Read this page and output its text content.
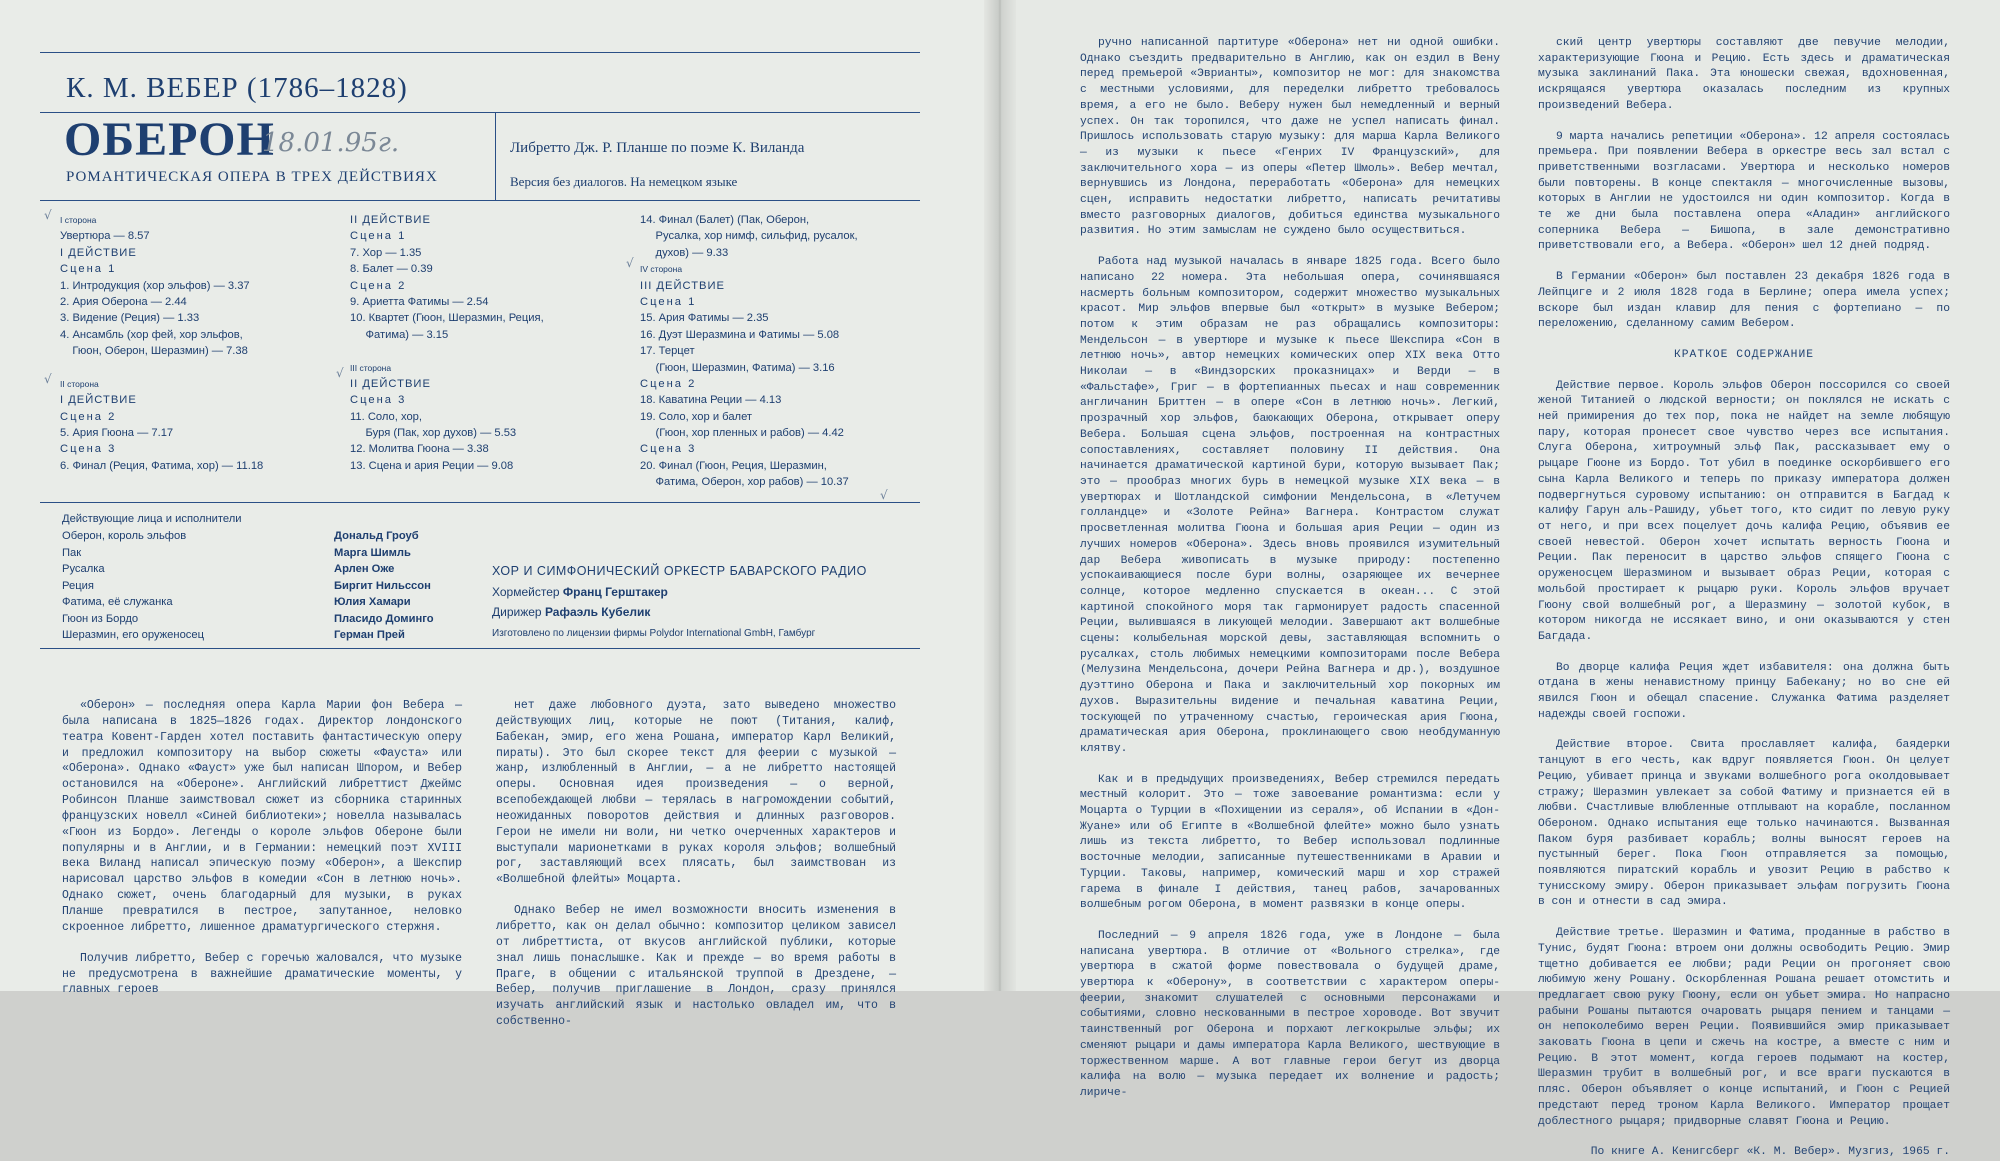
К. М. ВЕБЕР (1786–1828)
ОБЕРОН
18.01.95г.
РОМАНТИЧЕСКАЯ ОПЕРА В ТРЕХ ДЕЙСТВИЯХ
Либретто Дж. Р. Планше по поэме К. Виланда
Версия без диалогов. На немецком языке
I сторона
Увертюра — 8.57
I ДЕЙСТВИЕ
Сцена 1
1. Интродукция (хор эльфов) — 3.37
2. Ария Оберона — 2.44
3. Видение (Реция) — 1.33
4. Ансамбль (хор фей, хор эльфов,
Гюон, Оберон, Шеразмин) — 7.38
II сторона
I ДЕЙСТВИЕ
Сцена 2
5. Ария Гюона — 7.17
Сцена 3
6. Финал (Реция, Фатима, хор) — 11.18
II ДЕЙСТВИЕ
Сцена 1
7. Хор — 1.35
8. Балет — 0.39
Сцена 2
9. Ариетта Фатимы — 2.54
10. Квартет (Гюон, Шеразмин, Реция,
Фатима) — 3.15
III сторона
II ДЕЙСТВИЕ
Сцена 3
11. Соло, хор,
Буря (Пак, хор духов) — 5.53
12. Молитва Гюона — 3.38
13. Сцена и ария Реции — 9.08
14. Финал (Балет) (Пак, Оберон,
Русалка, хор нимф, сильфид, русалок,
духов) — 9.33
IV сторона
III ДЕЙСТВИЕ
Сцена 1
15. Ария Фатимы — 2.35
16. Дуэт Шеразмина и Фатимы — 5.08
17. Терцет
(Гюон, Шеразмин, Фатима) — 3.16
Сцена 2
18. Каватина Реции — 4.13
19. Соло, хор и балет
(Гюон, хор пленных и рабов) — 4.42
Сцена 3
20. Финал (Гюон, Реция, Шеразмин,
Фатима, Оберон, хор рабов) — 10.37
√
√	√
√
√
Действующие лица и исполнители
Оберон, король эльфов	Дональд Гроуб
Пак	Марга Шимль
Русалка	Арлен Оже
Реция	Биргит Нильссон
Фатима, её служанка	Юлия Хамари
Гюон из Бордо	Пласидо Доминго
Шеразмин, его оруженосец	Герман Прей
ХОР И СИМФОНИЧЕСКИЙ ОРКЕСТР БАВАРСКОГО РАДИО
Хормейстер Франц Герштакер
Дирижер Рафаэль Кубелик
Изготовлено по лицензии фирмы Polydor International GmbH, Гамбург

«Оберон» — последняя опера Карла Марии фон Вебера — была написана в 1825—1826 годах. Директор лондонского театра Ковент-Гарден хотел поставить фантастическую оперу и предложил композитору на выбор сюжеты «Фауста» или «Оберона». Однако «Фауст» уже был написан Шпором, и Вебер остановился на «Обероне». Английский либреттист Джеймс Робинсон Планше заимствовал сюжет из сборника старинных французских новелл «Синей библиотеки»; новелла называлась «Гюон из Бордо». Легенды о короле эльфов Обероне были популярны и в Англии, и в Германии: немецкий поэт XVIII века Виланд написал эпическую поэму «Оберон», а Шекспир нарисовал царство эльфов в комедии «Сон в летнюю ночь». Однако сюжет, очень благодарный для музыки, в руках Планше превратился в пестрое, запутанное, неловко скроенное либретто, лишенное драматургического стержня.

Получив либретто, Вебер с горечью жаловался, что музыке не предусмотрена в важнейшие драматические моменты, у главных героев

нет даже любовного дуэта, зато выведено множество действующих лиц, которые не поют (Титания, калиф, Бабекан, эмир, его жена Рошана, император Карл Великий, пираты). Это был скорее текст для феерии с музыкой — жанр, излюбленный в Англии, — а не либретто настоящей оперы. Основная идея произведения — о верной, всепобеждающей любви — терялась в нагромождении событий, неожиданных поворотов действия и длинных разговоров. Герои не имели ни воли, ни четко очерченных характеров и выступали марионетками в руках короля эльфов; волшебный рог, заставляющий всех плясать, был заимствован из «Волшебной флейты» Моцарта.

Однако Вебер не имел возможности вносить изменения в либретто, как он делал обычно: композитор целиком зависел от либреттиста, от вкусов английской публики, которые знал лишь понаслышке. Как и прежде — во время работы в Праге, в общении с итальянской труппой в Дрездене, — Вебер, получив приглашение в Лондон, сразу принялся изучать английский язык и настолько овладел им, что в собственно-

ручно написанной партитуре «Оберона» нет ни одной ошибки. Однако съездить предварительно в Англию, как он ездил в Вену перед премьерой «Эврианты», композитор не мог: для знакомства с местными условиями, для переделки либретто требовалось время, а его не было. Веберу нужен был немедленный и верный успех. Он так торопился, что даже не успел написать финал. Пришлось использовать старую музыку: для марша Карла Великого — из музыки к пьесе «Генрих IV Французский», для заключительного хора — из оперы «Петер Шмоль». Вебер мечтал, вернувшись из Лондона, переработать «Оберона» для немецких сцен, исправить недостатки либретто, написать речитативы вместо разговорных диалогов, добиться единства музыкального развития. Но этим замыслам не суждено было осуществиться.

Работа над музыкой началась в январе 1825 года. Всего было написано 22 номера. Эта небольшая опера, сочинявшаяся насмерть больным композитором, содержит множество музыкальных красот. Мир эльфов впервые был «открыт» в музыке Вебером; потом к этим образам не раз обращались композиторы: Мендельсон — в увертюре и музыке к пьесе Шекспира «Сон в летнюю ночь», автор немецких комических опер XIX века Отто Николаи — в «Виндзорских проказницах» и Верди — в «Фальстафе», Григ — в фортепианных пьесах и наш современник англичанин Бриттен — в опере «Сон в летнюю ночь». Легкий, прозрачный хор эльфов, баюкающих Оберона, открывает оперу Вебера. Большая сцена эльфов, построенная на контрастных сопоставлениях, составляет половину II действия. Она начинается драматической картиной бури, которую вызывает Пак; это — прообраз многих бурь в немецкой музыке XIX века — в увертюрах и Шотландской симфонии Мендельсона, в «Летучем голландце» и «Золоте Рейна» Вагнера. Контрастом служат просветленная молитва Гюона и большая ария Реции — один из лучших номеров «Оберона». Здесь вновь проявился изумительный дар Вебера живописать в музыке природу: постепенно успокаивающиеся после бури волны, озаряющее их вечернее солнце, которое медленно спускается в океан... С этой картиной спокойного моря так гармонирует радость спасенной Реции, вылившаяся в ликующей мелодии. Завершают акт волшебные сцены: колыбельная морской девы, заставляющая вспомнить о русалках, столь любимых немецкими композиторами после Вебера (Мелузина Мендельсона, дочери Рейна Вагнера и др.), воздушное дуэттино Оберона и Пака и заключительный хор покорных им духов. Выразительны видение и печальная каватина Реции, тоскующей по утраченному счастью, героическая ария Гюона, драматическая ария Оберона, проклинающего свою необдуманную клятву.

Как и в предыдущих произведениях, Вебер стремился передать местный колорит. Это — тоже завоевание романтизма: если у Моцарта о Турции в «Похищении из сераля», об Испании в «Дон-Жуане» или об Египте в «Волшебной флейте» можно было узнать лишь из текста либретто, то Вебер использовал подлинные восточные мелодии, записанные путешественниками в Аравии и Турции. Таковы, например, комический марш и хор стражей гарема в финале I действия, танец рабов, зачарованных волшебным рогом Оберона, в момент развязки в конце оперы.

Последний — 9 апреля 1826 года, уже в Лондоне — была написана увертюра. В отличие от «Вольного стрелка», где увертюра в сжатой форме повествовала о будущей драме, увертюра к «Оберону», в соответствии с характером оперы-феерии, знакомит слушателей с основными персонажами и событиями, словно нескованными в пестрое хороводе. Вот звучит таинственный рог Оберона и порхают легкокрылые эльфы; их сменяют рыцари и дамы императора Карла Великого, шествующие в торжественном марше. А вот главные герои бегут из дворца калифа на волю — музыка передает их волнение и радость; лириче-

ский центр увертюры составляют две певучие мелодии, характеризующие Гюона и Рецию. Есть здесь и драматическая музыка заклинаний Пака. Эта юношески свежая, вдохновенная, искрящаяся увертюра оказалась последним из крупных произведений Вебера.

9 марта начались репетиции «Оберона». 12 апреля состоялась премьера. При появлении Вебера в оркестре весь зал встал с приветственными возгласами. Увертюра и несколько номеров были повторены. В конце спектакля — многочисленные вызовы, которых в Англии не удостоился ни один композитор. Когда в те же дни была поставлена опера «Аладин» английского соперника Вебера — Бишопа, в зале демонстративно приветствовали его, а Вебера. «Оберон» шел 12 дней подряд.

В Германии «Оберон» был поставлен 23 декабря 1826 года в Лейпциге и 2 июля 1828 года в Берлине; опера имела успех; вскоре был издан клавир для пения с фортепиано — по переложению, сделанному самим Вебером.

КРАТКОЕ СОДЕРЖАНИЕ

Действие первое. Король эльфов Оберон поссорился со своей женой Титанией о людской верности; он поклялся не искать с ней примирения до тех пор, пока не найдет на земле любящую пару, которая пронесет свое чувство через все испытания. Слуга Оберона, хитроумный эльф Пак, рассказывает ему о рыцаре Гюоне из Бордо. Тот убил в поединке оскорбившего его сына Карла Великого и теперь по приказу императора должен подвергнуться суровому испытанию: он отправится в Багдад к калифу Гарун аль-Рашиду, убьет того, кто сидит по левую руку от него, и при всех поцелует дочь калифа Рецию, объявив ее своей невестой. Оберон хочет испытать верность Гюона и Реции. Пак переносит в царство эльфов спящего Гюона с оруженосцем Шеразмином и вызывает образ Реции, которая с мольбой простирает к рыцарю руки. Король эльфов вручает Гюону свой волшебный рог, а Шеразмину — золотой кубок, в котором никогда не иссякает вино, и они оказываются у стен Багдада.

Во дворце калифа Реция ждет избавителя: она должна быть отдана в жены ненавистному принцу Бабекану; но во сне ей явился Гюон и обещал спасение. Служанка Фатима разделяет надежды своей госпожи.

Действие второе. Свита прославляет калифа, баядерки танцуют в его честь, как вдруг появляется Гюон. Он целует Рецию, убивает принца и звуками волшебного рога околдовывает стражу; Шеразмин увлекает за собой Фатиму и признается ей в любви. Счастливые влюбленные отплывают на корабле, посланном Обероном. Однако испытания еще только начинаются. Вызванная Паком буря разбивает корабль; волны выносят героев на пустынный берег. Пока Гюон отправляется за помощью, появляются пиратский корабль и увозит Рецию в рабство к тунисскому эмиру. Оберон приказывает эльфам погрузить Гюона в сон и отнести в сад эмира.

Действие третье. Шеразмин и Фатима, проданные в рабство в Тунис, будят Гюона: втроем они должны освободить Рецию. Эмир тщетно добивается ее любви; ради Реции он прогоняет свою любимую жену Рошану. Оскорбленная Рошана решает отомстить и предлагает свою руку Гюону, если он убьет эмира. Но напрасно рабыни Рошаны пытаются очаровать рыцаря пением и танцами — он непоколебимо верен Реции. Появившийся эмир приказывает заковать Гюона в цепи и сжечь на костре, а вместе с ним и Рецию. В этот момент, когда героев подымают на костер, Шеразмин трубит в волшебный рог, и все враги пускаются в пляс. Оберон объявляет о конце испытаний, и Гюон с Рецией предстают перед троном Карла Великого. Император прощает доблестного рыцаря; придворные славят Гюона и Рецию.

По книге А. Кенигсберг «К. М. Вебер». Музгиз, 1965 г.
